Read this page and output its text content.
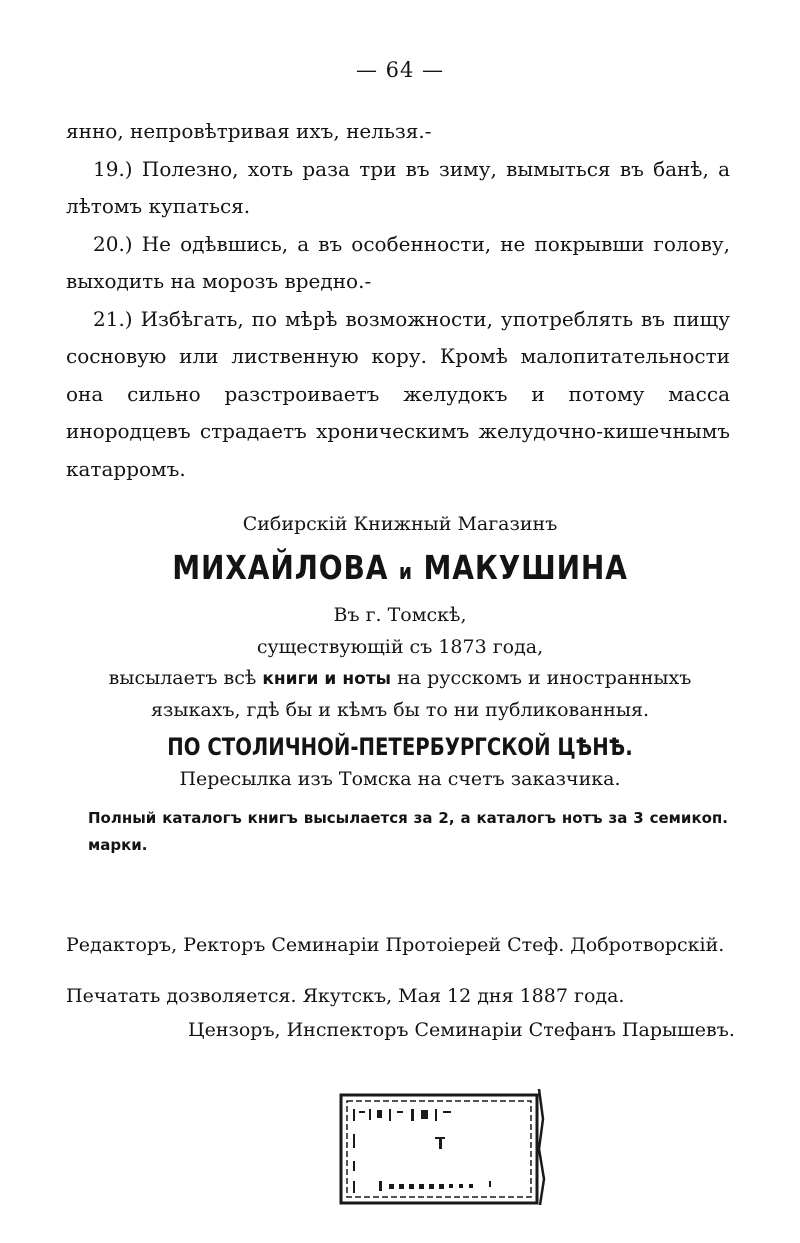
— 64 —

янно, непровѣтривая ихъ, нельзя.-

19.) Полезно, хоть раза три въ зиму, вымыться въ банѣ, а лѣтомъ купаться.

20.) Не одѣвшись, а въ особенности, не покрывши голову, выходить на морозъ вредно.-

21.) Избѣгать, по мѣрѣ возможности, употреблять въ пищу сосновую или лиственную кору. Кромѣ малопитательности она сильно разстроиваетъ желудокъ и потому масса инородцевъ страдаетъ хроническимъ желудочно-кишечнымъ катарромъ.

Сибирскій Книжный Магазинъ
МИХАЙЛОВА и МАКУШИНА
Въ г. Томскѣ,
существующій съ 1873 года,
высылаетъ всѣ книги и ноты на русскомъ и иностранныхъ
языкахъ, гдѣ бы и кѣмъ бы то ни публикованныя.
ПО СТОЛИЧНОЙ-ПЕТЕРБУРГСКОЙ ЦѢНѢ.
Пересылка изъ Томска на счетъ заказчика.
Полный каталогъ книгъ высылается за 2, а каталогъ нотъ за 3 семикоп. марки.
Редакторъ, Ректоръ Семинаріи Протоіерей Стеф. Добротворскій.
Печатать дозволяется. Якутскъ, Мая 12 дня 1887 года.
Цензоръ, Инспекторъ Семинаріи Стефанъ Парышевъ.
